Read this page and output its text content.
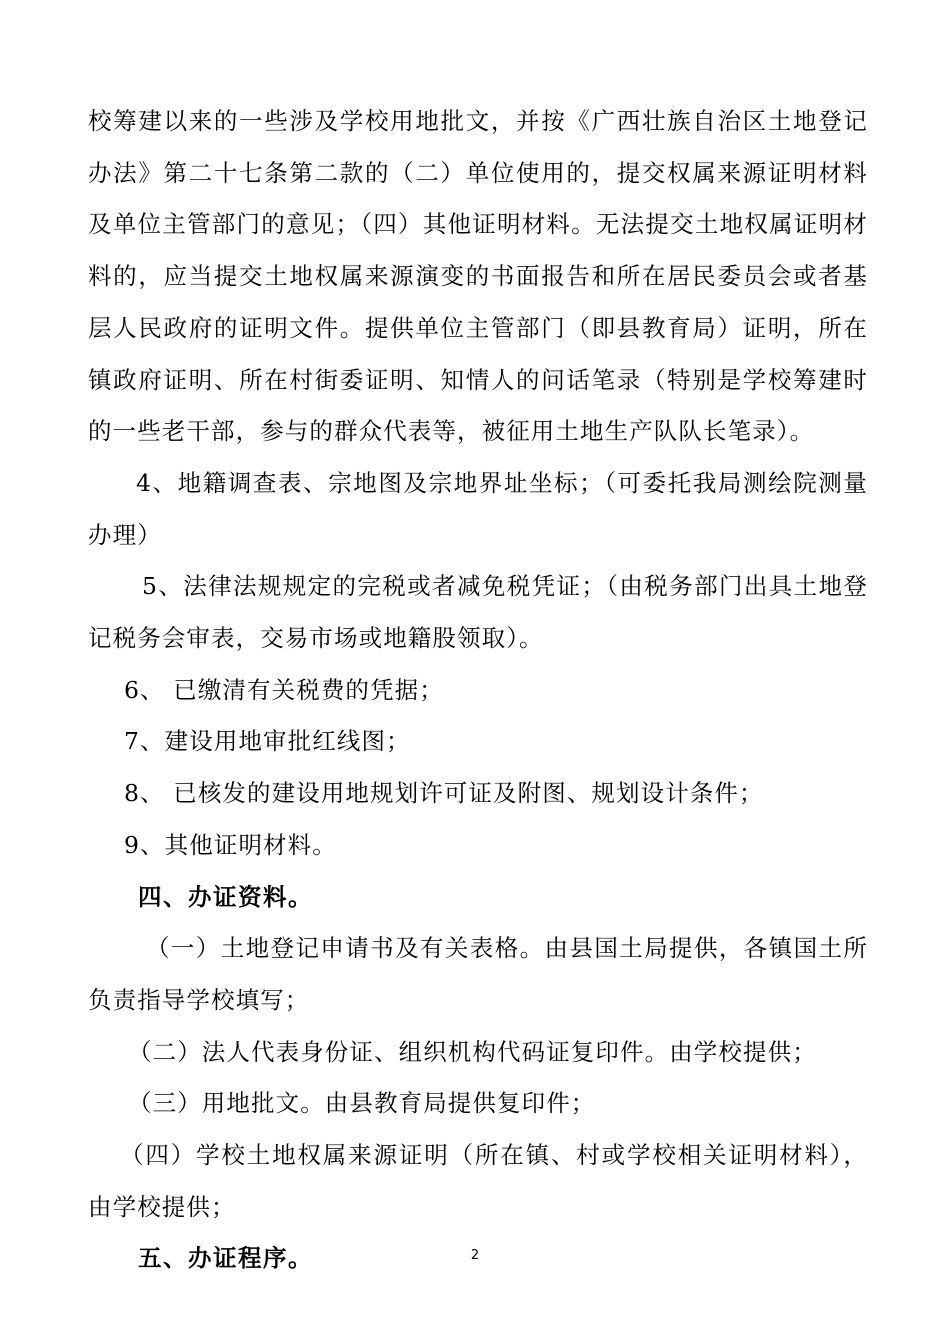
校筹建以来的一些涉及学校用地批文，并按《广西壮族自治区土地登记办法》第二十七条第二款的（二）单位使用的，提交权属来源证明材料及单位主管部门的意见；（四）其他证明材料。无法提交土地权属证明材料的，应当提交土地权属来源演变的书面报告和所在居民委员会或者基层人民政府的证明文件。提供单位主管部门（即县教育局）证明，所在镇政府证明、所在村街委证明、知情人的问话笔录（特别是学校筹建时的一些老干部，参与的群众代表等，被征用土地生产队队长笔录）。

4、地籍调查表、宗地图及宗地界址坐标；（可委托我局测绘院测量办理）

5、法律法规规定的完税或者减免税凭证；（由税务部门出具土地登记税务会审表，交易市场或地籍股领取）。

6、 已缴清有关税费的凭据；

7、建设用地审批红线图；

8、 已核发的建设用地规划许可证及附图、规划设计条件；

9、其他证明材料。

四、办证资料。

（一）土地登记申请书及有关表格。由县国土局提供，各镇国土所负责指导学校填写；

（二）法人代表身份证、组织机构代码证复印件。由学校提供；

（三）用地批文。由县教育局提供复印件；

（四）学校土地权属来源证明（所在镇、村或学校相关证明材料），由学校提供；

五、办证程序。	2
